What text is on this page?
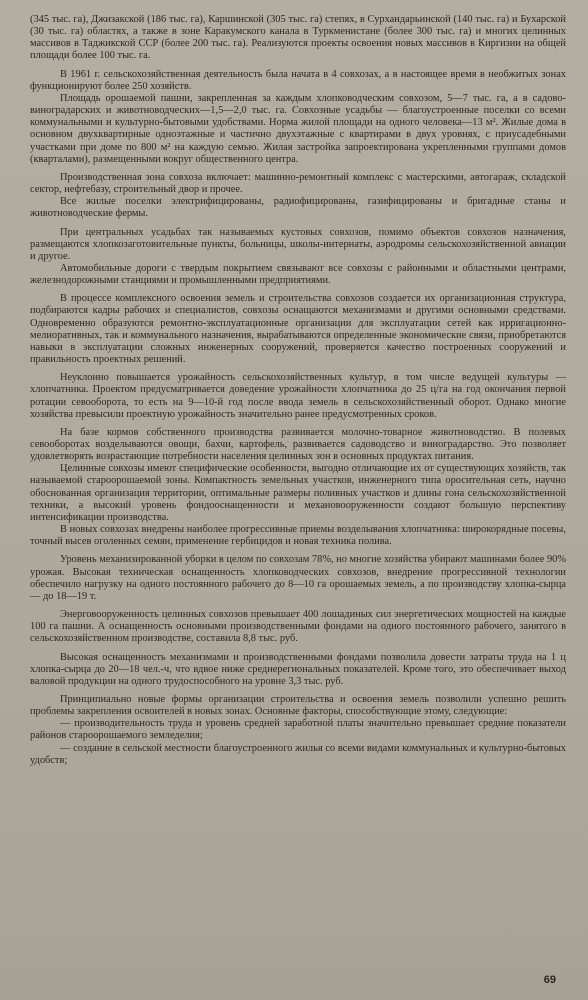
(345 тыс. га), Джизакской (186 тыс. га), Каршинской (305 тыс. га) степях, в Сурхандарьинской (140 тыс. га) и Бухарской (30 тыс. га) областях, а также в зоне Каракумского канала в Туркменистане (более 300 тыс. га) и многих целинных массивов в Таджикской ССР (более 200 тыс. га). Реализуются проекты освоения новых массивов в Киргизии на общей площади более 100 тыс. га.

В 1961 г. сельскохозяйственная деятельность была начата в 4 совхозах, а в настоящее время в необжитых зонах функционируют более 250 хозяйств.

Площадь орошаемой пашни, закрепленная за каждым хлопководческим совхозом, 5—7 тыс. га, а в садово-виноградарских и животноводческих—1,5—2,0 тыс. га. Совхозные усадьбы — благоустроенные поселки со всеми коммунальными и культурно-бытовыми удобствами. Норма жилой площади на одного человека—13 м². Жилые дома в основном двухквартирные одноэтажные и частично двухэтажные с квартирами в двух уровнях, с приусадебными участками при доме по 800 м² на каждую семью. Жилая застройка запроектирована укрепленными группами домов (кварталами), размещенными вокруг общественного центра.

Производственная зона совхоза включает: машинно-ремонтный комплекс с мастерскими, автогараж, складской сектор, нефтебазу, строительный двор и прочее.

Все жилые поселки электрифицированы, радиофицированы, газифицированы и бригадные станы и животноводческие фермы.

При центральных усадьбах так называемых кустовых совхозов, помимо объектов совхозов назначения, размещаются хлопкозаготовительные пункты, больницы, школы-интернаты, аэродромы сельскохозяйственной авиации и другое.

Автомобильные дороги с твердым покрытием связывают все совхозы с районными и областными центрами, железнодорожными станциями и промышленными предприятиями.

В процессе комплексного освоения земель и строительства совхозов создается их организационная структура, подбираются кадры рабочих и специалистов, совхозы оснащаются механизмами и другими основными средствами. Одновременно образуются ремонтно-эксплуатационные организации для эксплуатации сетей как ирригационно-мелиоративных, так и коммунального назначения, вырабатываются определенные экономические связи, приобретаются навыки в эксплуатации сложных инженерных сооружений, проверяется качество построенных сооружений и правильность проектных решений.

Неуклонно повышается урожайность сельскохозяйственных культур, в том числе ведущей культуры — хлопчатника. Проектом предусматривается доведение урожайности хлопчатника до 25 ц/га на год окончания первой ротации севооборота, то есть на 9—10-й год после ввода земель в сельскохозяйственный оборот. Однако многие хозяйства превысили проектную урожайность значительно ранее предусмотренных сроков.

На базе кормов собственного производства развивается молочно-товарное животноводство. В полевых севооборотах возделываются овощи, бахчи, картофель, развивается садоводство и виноградарство. Это позволяет удовлетворять возрастающие потребности населения целинных зон в основных продуктах питания.

Целинные совхозы имеют специфические особенности, выгодно отличающие их от существующих хозяйств, так называемой староорошаемой зоны. Компактность земельных участков, инженерного типа оросительная сеть, научно обоснованная организация территории, оптимальные размеры поливных участков и длины гона сельскохозяйственной техники, а высокий уровень фондооснащенности и механовооруженности создают большую перспективу интенсификации производства.

В новых совхозах внедрены наиболее прогрессивные приемы возделывания хлопчатника: широкорядные посевы, точный высев оголенных семян, применение гербицидов и новая техника полива.

Уровень механизированной уборки в целом по совхозам 78%, но многие хозяйства убирают машинами более 90% урожая. Высокая техническая оснащенность хлопководческих совхозов, внедрение прогрессивной технологии обеспечило нагрузку на одного постоянного рабочего до 8—10 га орошаемых земель, а по производству хлопка-сырца — до 18—19 т.

Энерговооруженность целинных совхозов превышает 400 лошадиных сил энергетических мощностей на каждые 100 га пашни. А оснащенность основными производственными фондами на одного постоянного рабочего, занятого в сельскохозяйственном производстве, составила 8,8 тыс. руб.

Высокая оснащенность механизмами и производственными фондами позволила довести затраты труда на 1 ц хлопка-сырца до 20—18 чел.-ч, что вдвое ниже среднерегиональных показателей. Кроме того, это обеспечивает выход валовой продукции на одного трудоспособного на уровне 3,3 тыс. руб.

Принципиально новые формы организации строительства и освоения земель позволили успешно решить проблемы закрепления освоителей в новых зонах. Основные факторы, способствующие этому, следующие:

— производительность труда и уровень средней заработной платы значительно превышает средние показатели районов староорошаемого земледелия;

— создание в сельской местности благоустроенного жилья со всеми видами коммунальных и культурно-бытовых удобств;

69
